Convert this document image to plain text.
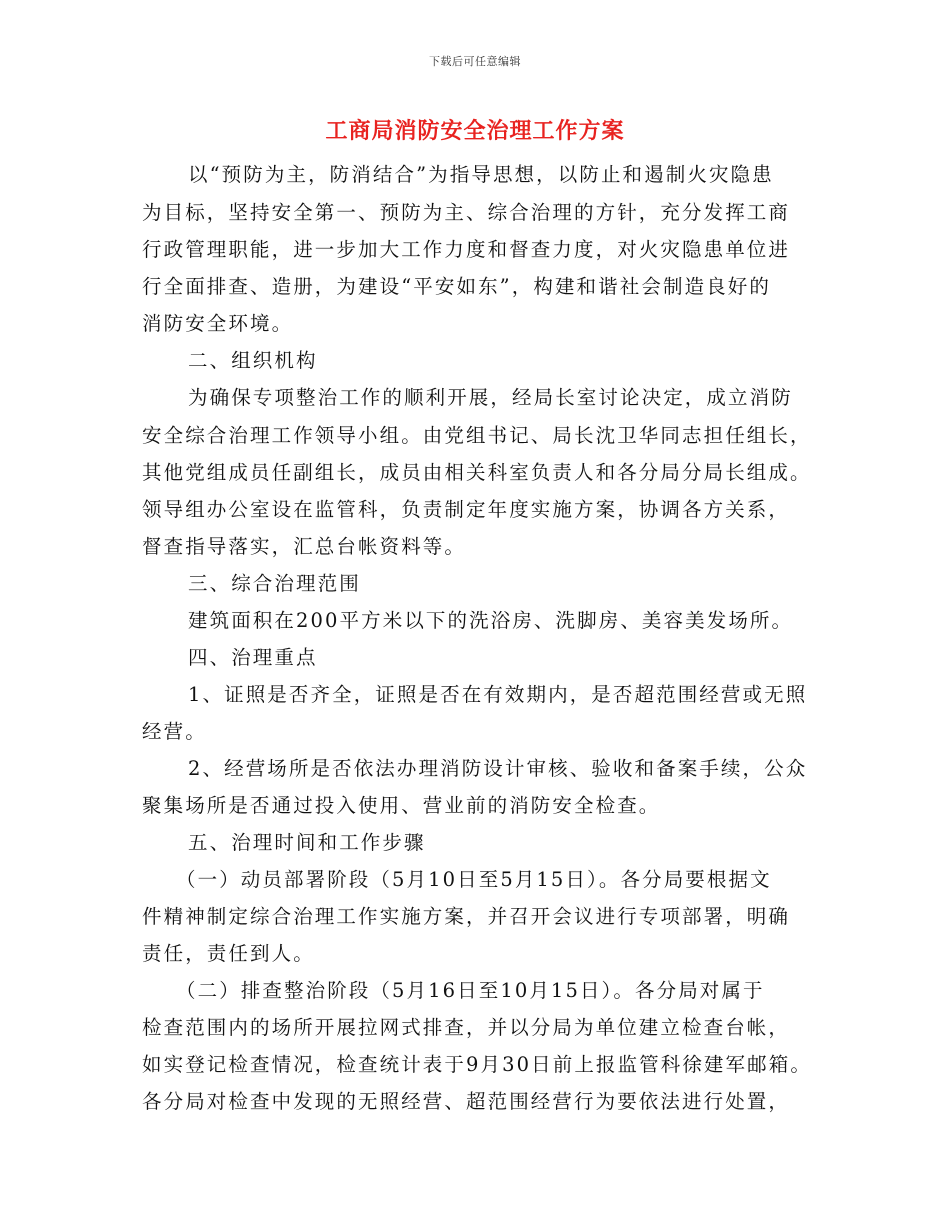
下载后可任意编辑
工商局消防安全治理工作方案
以“预防为主，防消结合”为指导思想，以防止和遏制火灾隐患
为目标，坚持安全第一、预防为主、综合治理的方针，充分发挥工商
行政管理职能，进一步加大工作力度和督查力度，对火灾隐患单位进
行全面排查、造册，为建设“平安如东”，构建和谐社会制造良好的
消防安全环境。
二、组织机构
为确保专项整治工作的顺利开展，经局长室讨论决定，成立消防
安全综合治理工作领导小组。由党组书记、局长沈卫华同志担任组长，
其他党组成员任副组长，成员由相关科室负责人和各分局分局长组成。
领导组办公室设在监管科，负责制定年度实施方案，协调各方关系，
督查指导落实，汇总台帐资料等。
三、综合治理范围
建筑面积在200平方米以下的洗浴房、洗脚房、美容美发场所。
四、治理重点
1、证照是否齐全，证照是否在有效期内，是否超范围经营或无照
经营。
2、经营场所是否依法办理消防设计审核、验收和备案手续，公众
聚集场所是否通过投入使用、营业前的消防安全检查。
五、治理时间和工作步骤
（一）动员部署阶段（5月10日至5月15日）。各分局要根据文
件精神制定综合治理工作实施方案，并召开会议进行专项部署，明确
责任，责任到人。
（二）排查整治阶段（5月16日至10月15日）。各分局对属于
检查范围内的场所开展拉网式排查，并以分局为单位建立检查台帐，
如实登记检查情况，检查统计表于9月30日前上报监管科徐建军邮箱。
各分局对检查中发现的无照经营、超范围经营行为要依法进行处置，
